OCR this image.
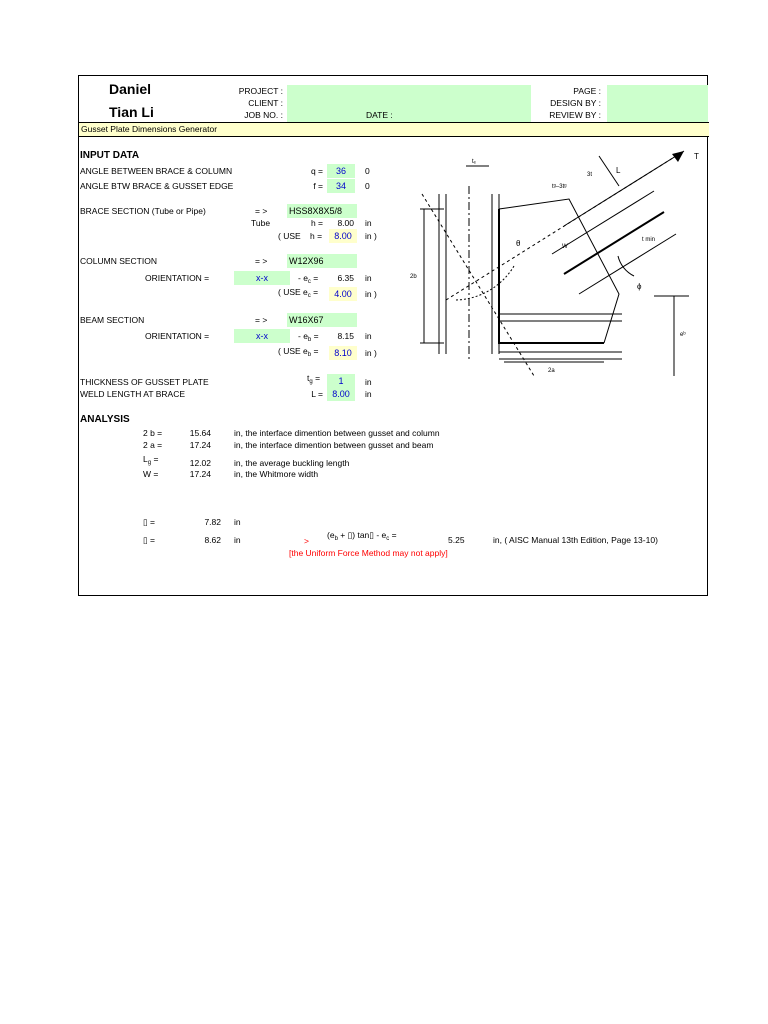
Daniel
Tian Li
PROJECT :
CLIENT :
JOB NO. :	DATE :
PAGE :
DESIGN BY :
REVIEW BY :
Gusset Plate Dimensions Generator
INPUT DATA
ANGLE BETWEEN BRACE & COLUMN	q =	36	0
ANGLE BTW BRACE & GUSSET EDGE	f =	34	0
BRACE SECTION (Tube or Pipe)	= > HSS8X8X5/8
Tube	h =	8.00 in
( USE h =	8.00	in )
COLUMN SECTION	= > W12X96
ORIENTATION =	x-x	- $e_c$ =	6.35 in
( USE $e_c$ =	4.00	in )
BEAM SECTION	= > W16X67
ORIENTATION =	x-x	- $e_b$ =	8.15 in
( USE $e_b$ =	8.10	in )
THICKNESS OF GUSSET PLATE	$t_g$ =	1	in
WELD LENGTH AT BRACE	L =	8.00	in
ANALYSIS
2 b =	15.64	in, the interface dimention between gusset and column
2 a =	17.24	in, the interface dimention between gusset and beam
$L_g$ =	12.02	in, the average buckling length
W =	17.24	in, the Whitmore width
▯ =	7.82 in
▯ =	8.62 in	>
($e_b$ + ▯) tan▯ - $e_c$ =	5.25	in, ( AISC Manual 13th Edition, Page 13-10)
[the Uniform Force Method may not apply]
T
θ
ϕ
L
tₑ
3t
tᵍ–3tᵍ
W
t min
2b
2a
eᵇ
